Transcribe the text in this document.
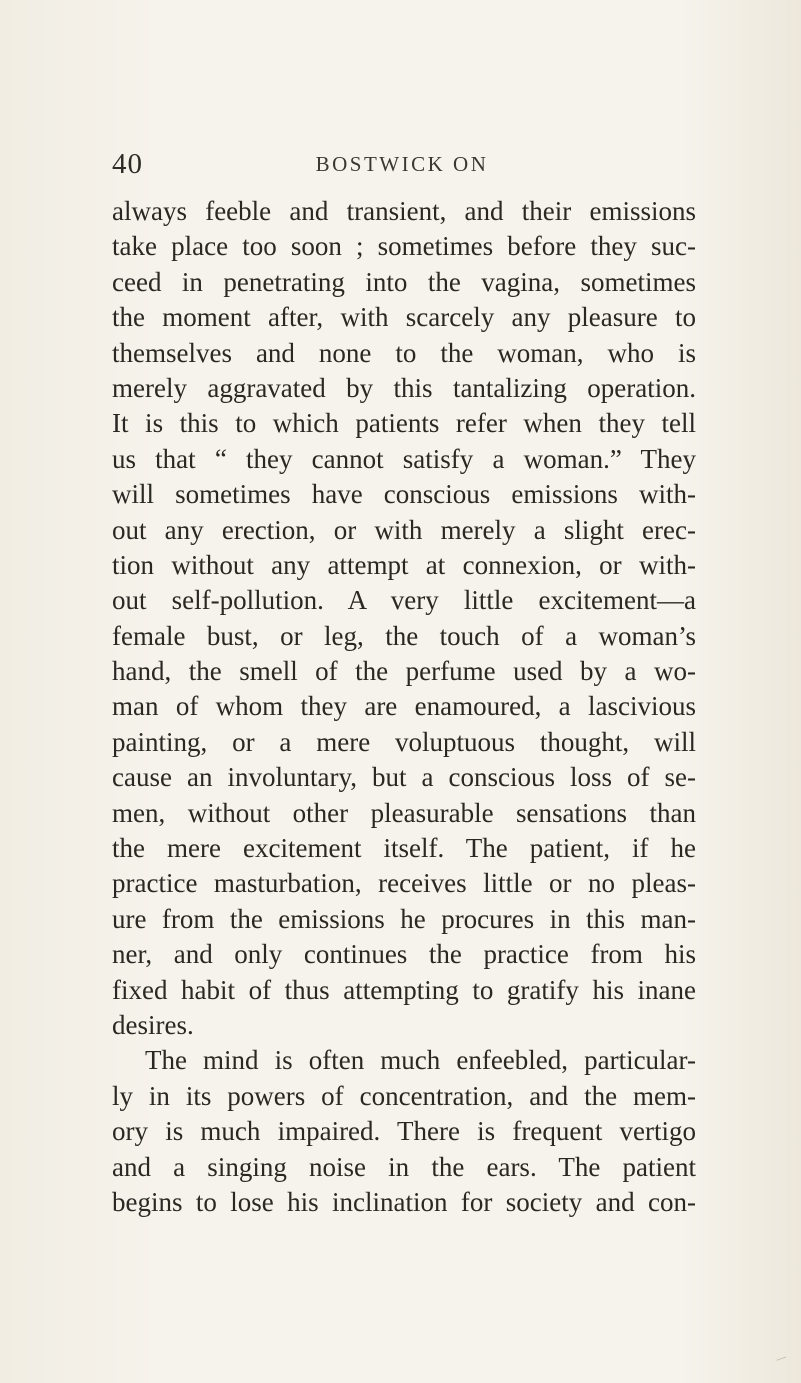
40	BOSTWICK ON
always feeble and transient, and their emissions
take place too soon ; sometimes before they suc-
ceed in penetrating into the vagina, sometimes
the moment after, with scarcely any pleasure to
themselves and none to the woman, who is
merely aggravated by this tantalizing operation.
It is this to which patients refer when they tell
us that “ they cannot satisfy a woman.” They
will sometimes have conscious emissions with-
out any erection, or with merely a slight erec-
tion without any attempt at connexion, or with-
out self-pollution. A very little excitement—a
female bust, or leg, the touch of a woman’s
hand, the smell of the perfume used by a wo-
man of whom they are enamoured, a lascivious
painting, or a mere voluptuous thought, will
cause an involuntary, but a conscious loss of se-
men, without other pleasurable sensations than
the mere excitement itself. The patient, if he
practice masturbation, receives little or no pleas-
ure from the emissions he procures in this man-
ner, and only continues the practice from his
fixed habit of thus attempting to gratify his inane
desires.
The mind is often much enfeebled, particular-
ly in its powers of concentration, and the mem-
ory is much impaired. There is frequent vertigo
and a singing noise in the ears. The patient
begins to lose his inclination for society and con-
